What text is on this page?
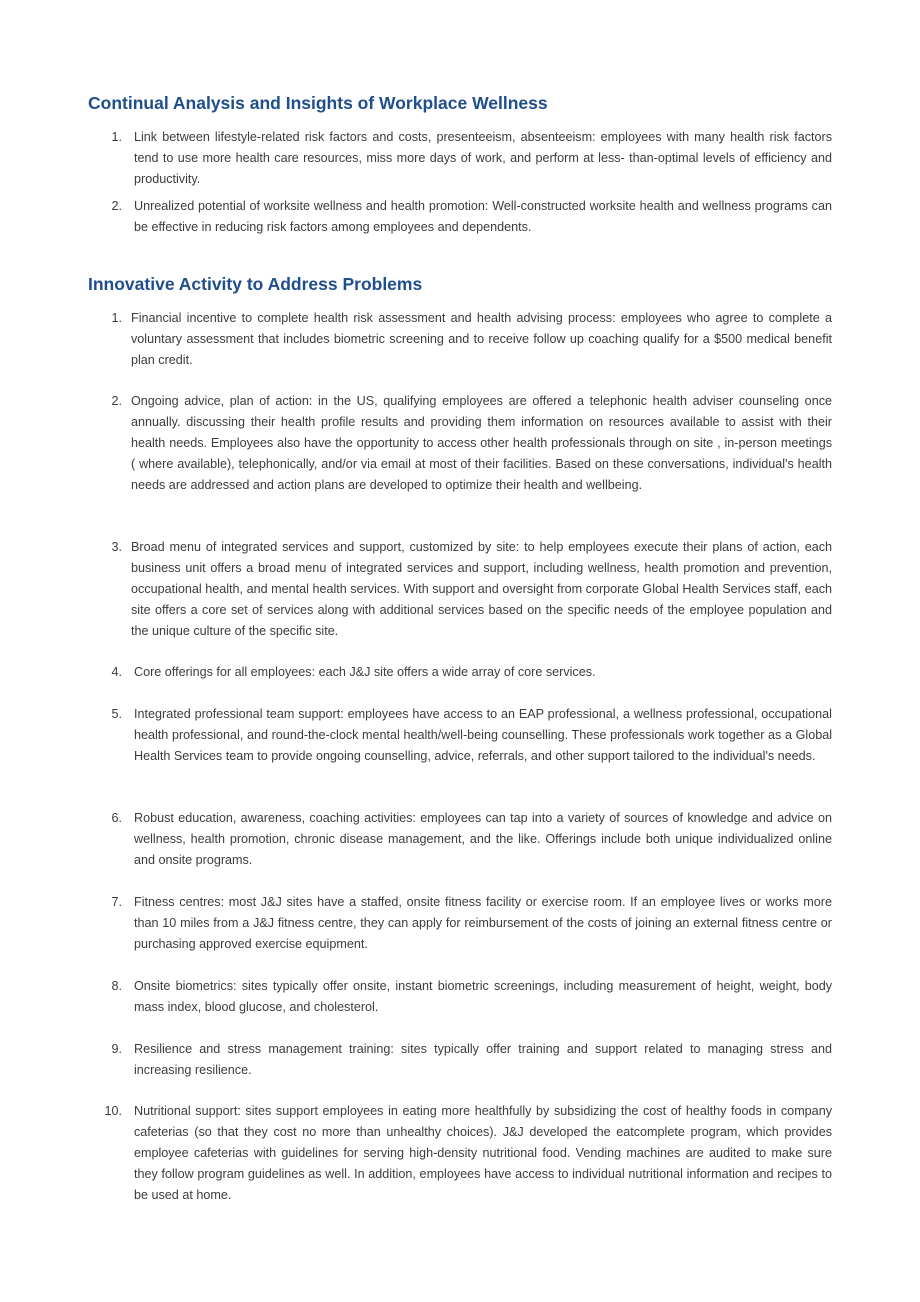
Continual Analysis and Insights of Workplace Wellness
1. Link between lifestyle-related risk factors and costs, presenteeism, absenteeism: employees with many health risk factors tend to use more health care resources, miss more days of work, and perform at less- than-optimal levels of efficiency and productivity.

2. Unrealized potential of worksite wellness and health promotion: Well-constructed worksite health and wellness programs can be effective in reducing risk factors among employees and dependents.

Innovative Activity to Address Problems
1. Financial incentive to complete health risk assessment and health advising process: employees who agree to complete a voluntary assessment that includes biometric screening and to receive follow up coaching qualify for a $500 medical benefit plan credit.

2. Ongoing advice, plan of action: in the US, qualifying employees are offered a telephonic health adviser counseling once annually. discussing their health profile results and providing them information on resources available to assist with their health needs. Employees also have the opportunity to access other health professionals through on site , in-person meetings ( where available), telephonically, and/or via email at most of their facilities. Based on these conversations, individual's health needs are addressed and action plans are developed to optimize their health and wellbeing.

3. Broad menu of integrated services and support, customized by site: to help employees execute their plans of action, each business unit offers a broad menu of integrated services and support, including wellness, health promotion and prevention, occupational health, and mental health services. With support and oversight from corporate Global Health Services staff, each site offers a core set of services along with additional services based on the specific needs of the employee population and the unique culture of the specific site.

4. Core offerings for all employees: each J&J site offers a wide array of core services.

5. Integrated professional team support: employees have access to an EAP professional, a wellness professional, occupational health professional, and round-the-clock mental health/well-being counselling. These professionals work together as a Global Health Services team to provide ongoing counselling, advice, referrals, and other support tailored to the individual's needs.

6. Robust education, awareness, coaching activities: employees can tap into a variety of sources of knowledge and advice on wellness, health promotion, chronic disease management, and the like. Offerings include both unique individualized online and onsite programs.

7. Fitness centres: most J&J sites have a staffed, onsite fitness facility or exercise room. If an employee lives or works more than 10 miles from a J&J fitness centre, they can apply for reimbursement of the costs of joining an external fitness centre or purchasing approved exercise equipment.

8. Onsite biometrics: sites typically offer onsite, instant biometric screenings, including measurement of height, weight, body mass index, blood glucose, and cholesterol.

9. Resilience and stress management training: sites typically offer training and support related to managing stress and increasing resilience.

10. Nutritional support: sites support employees in eating more healthfully by subsidizing the cost of healthy foods in company cafeterias (so that they cost no more than unhealthy choices). J&J developed the eatcomplete program, which provides employee cafeterias with guidelines for serving high-density nutritional food. Vending machines are audited to make sure they follow program guidelines as well. In addition, employees have access to individual nutritional information and recipes to be used at home.
